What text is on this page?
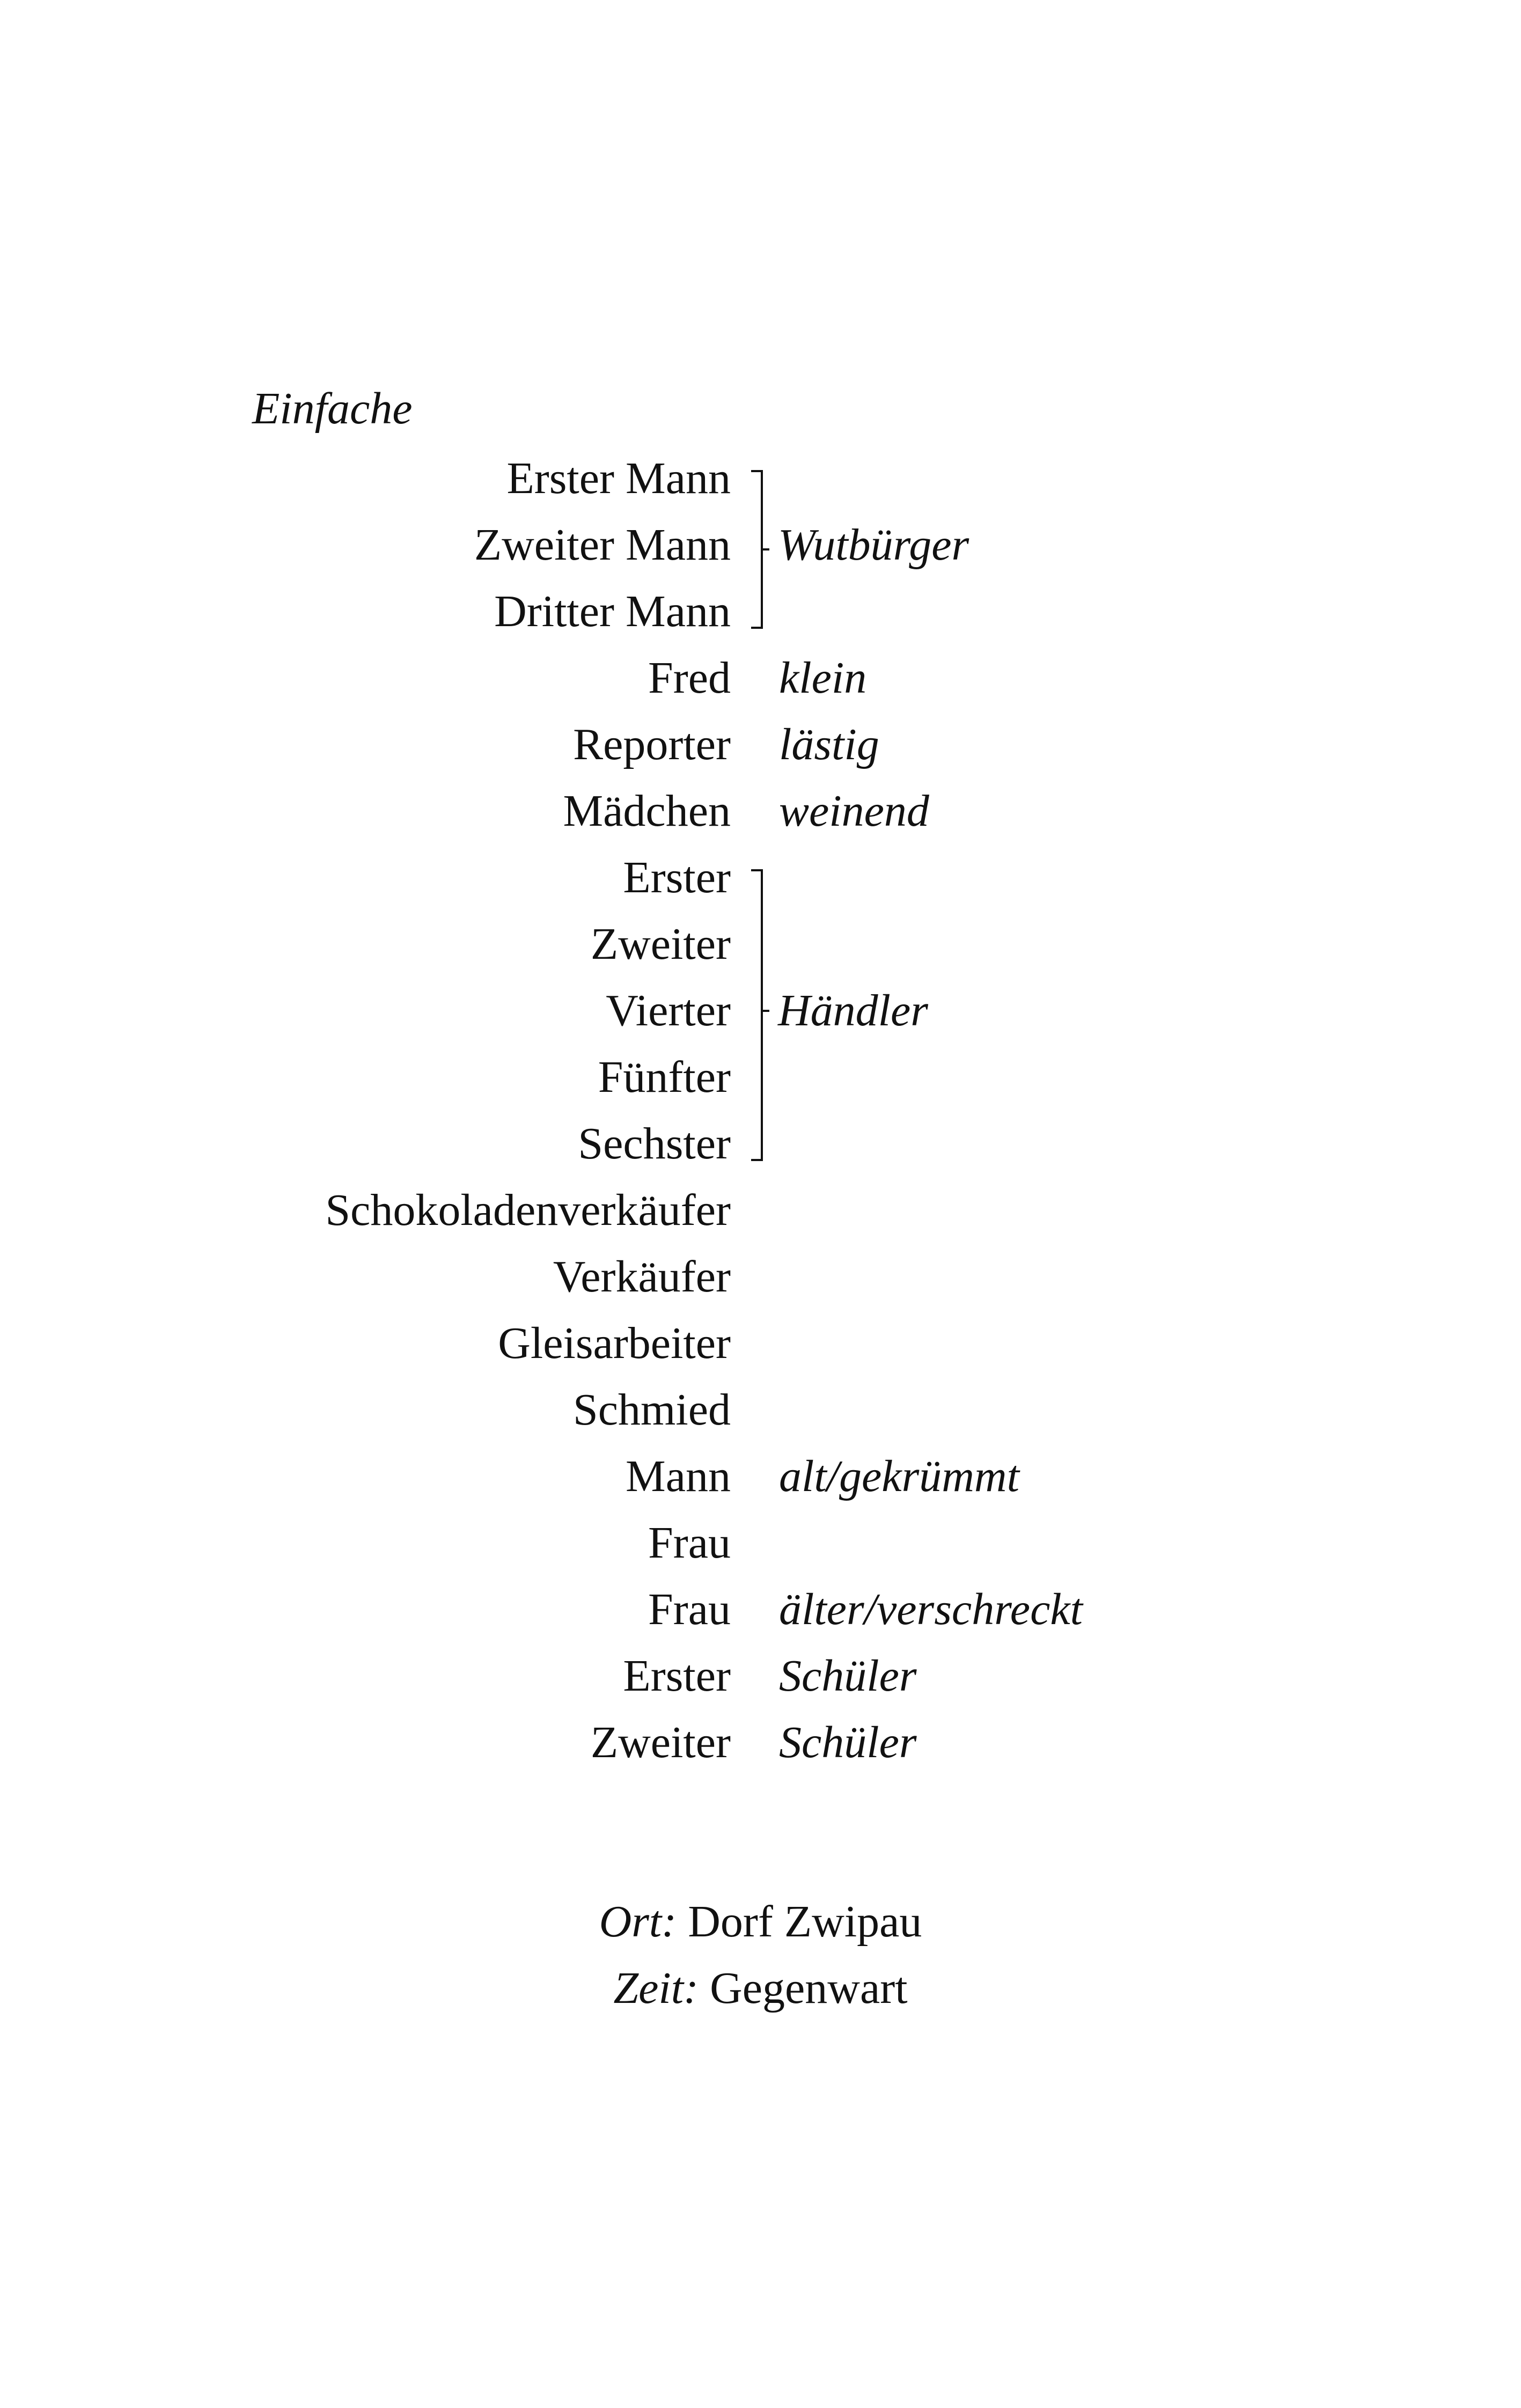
Einfache
Erster Mann
Zweiter Mann
Dritter Mann
Fred klein
Reporter lästig
Mädchen weinend
Erster
Zweiter
Vierter
Fünfter
Sechster
Schokoladenverkäufer
Verkäufer
Gleisarbeiter
Schmied
Mann alt/gekrümmt
Frau
Frau älter/verschreckt
Erster Schüler
Zweiter Schüler
Wutbürger
Händler
Ort: Dorf Zwipau
Zeit: Gegenwart
